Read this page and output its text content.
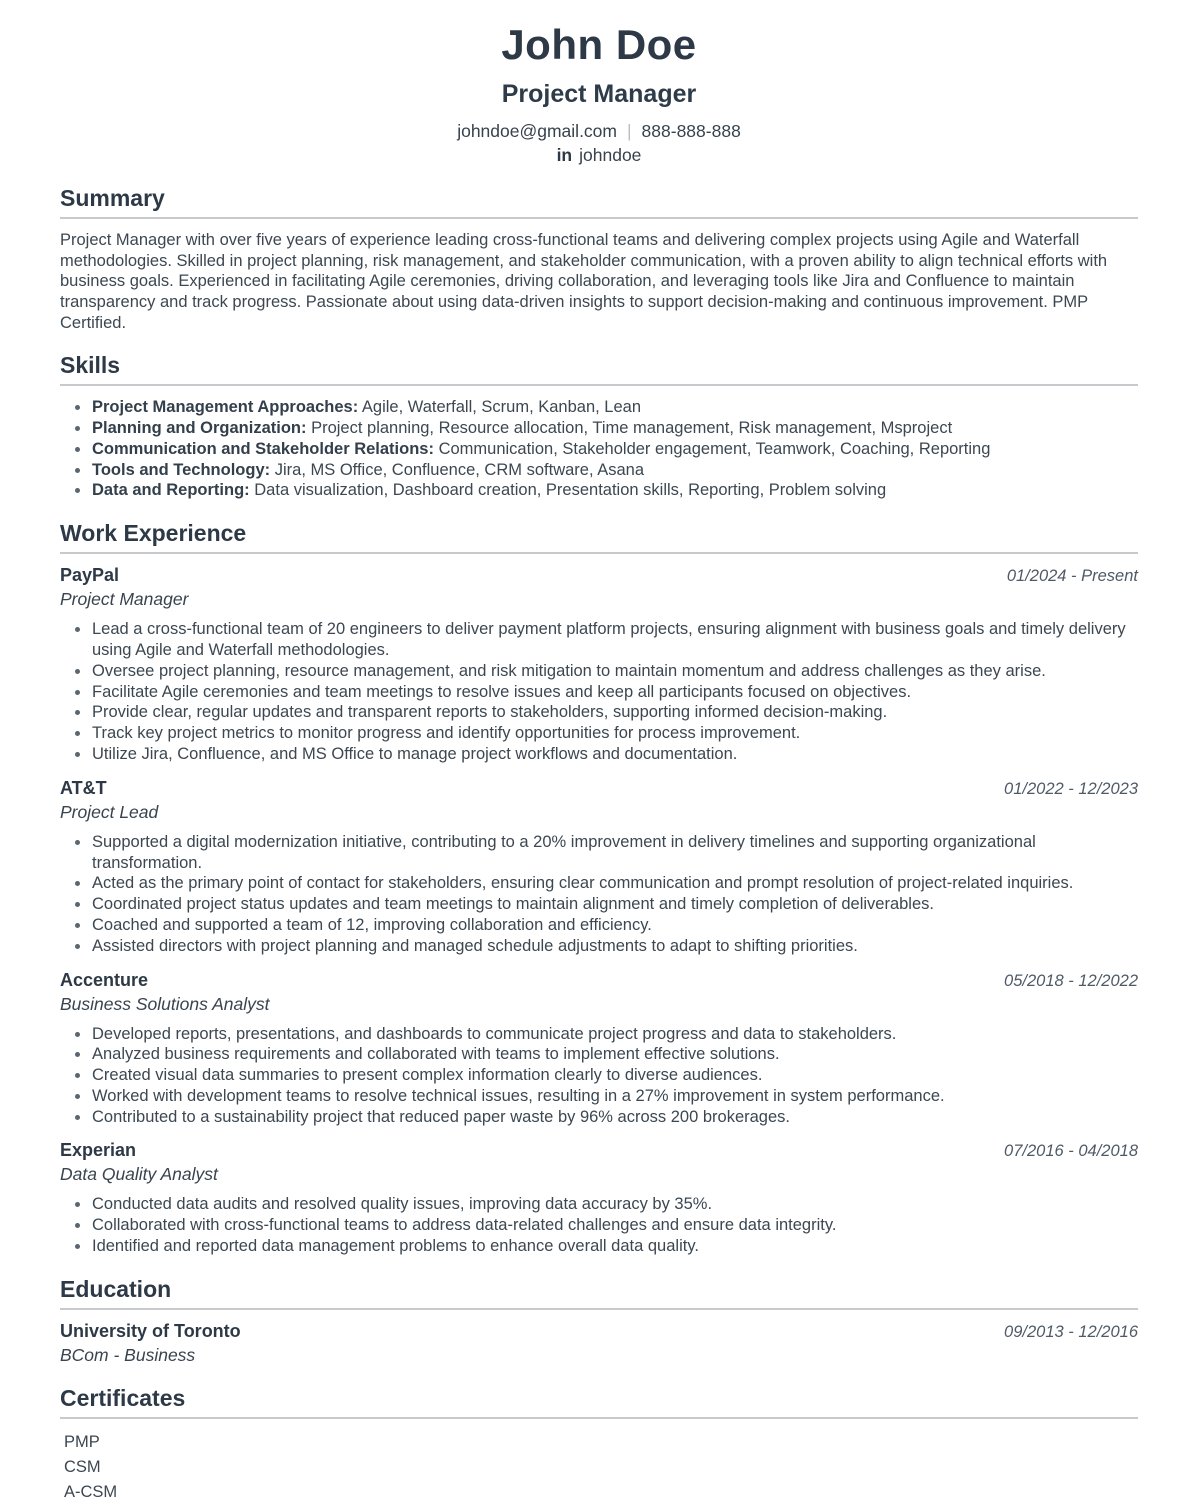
John Doe
Project Manager
johndoe@gmail.com | 888-888-888
in johndoe
Summary

Project Manager with over five years of experience leading cross-functional teams and delivering complex projects using Agile and Waterfall methodologies. Skilled in project planning, risk management, and stakeholder communication, with a proven ability to align technical efforts with business goals. Experienced in facilitating Agile ceremonies, driving collaboration, and leveraging tools like Jira and Confluence to maintain transparency and track progress. Passionate about using data-driven insights to support decision-making and continuous improvement. PMP Certified.

Skills
Project Management Approaches: Agile, Waterfall, Scrum, Kanban, Lean
Planning and Organization: Project planning, Resource allocation, Time management, Risk management, Msproject
Communication and Stakeholder Relations: Communication, Stakeholder engagement, Teamwork, Coaching, Reporting
Tools and Technology: Jira, MS Office, Confluence, CRM software, Asana
Data and Reporting: Data visualization, Dashboard creation, Presentation skills, Reporting, Problem solving
Work Experience
PayPal	01/2024 - Present
Project Manager
Lead a cross-functional team of 20 engineers to deliver payment platform projects, ensuring alignment with business goals and timely delivery using Agile and Waterfall methodologies.
Oversee project planning, resource management, and risk mitigation to maintain momentum and address challenges as they arise.
Facilitate Agile ceremonies and team meetings to resolve issues and keep all participants focused on objectives.
Provide clear, regular updates and transparent reports to stakeholders, supporting informed decision-making.
Track key project metrics to monitor progress and identify opportunities for process improvement.
Utilize Jira, Confluence, and MS Office to manage project workflows and documentation.
AT&T	01/2022 - 12/2023
Project Lead
Supported a digital modernization initiative, contributing to a 20% improvement in delivery timelines and supporting organizational transformation.
Acted as the primary point of contact for stakeholders, ensuring clear communication and prompt resolution of project-related inquiries.
Coordinated project status updates and team meetings to maintain alignment and timely completion of deliverables.
Coached and supported a team of 12, improving collaboration and efficiency.
Assisted directors with project planning and managed schedule adjustments to adapt to shifting priorities.
Accenture	05/2018 - 12/2022
Business Solutions Analyst
Developed reports, presentations, and dashboards to communicate project progress and data to stakeholders.
Analyzed business requirements and collaborated with teams to implement effective solutions.
Created visual data summaries to present complex information clearly to diverse audiences.
Worked with development teams to resolve technical issues, resulting in a 27% improvement in system performance.
Contributed to a sustainability project that reduced paper waste by 96% across 200 brokerages.
Experian	07/2016 - 04/2018
Data Quality Analyst
Conducted data audits and resolved quality issues, improving data accuracy by 35%.
Collaborated with cross-functional teams to address data-related challenges and ensure data integrity.
Identified and reported data management problems to enhance overall data quality.
Education
University of Toronto	09/2013 - 12/2016
BCom - Business
Certificates
PMP
CSM
A-CSM
